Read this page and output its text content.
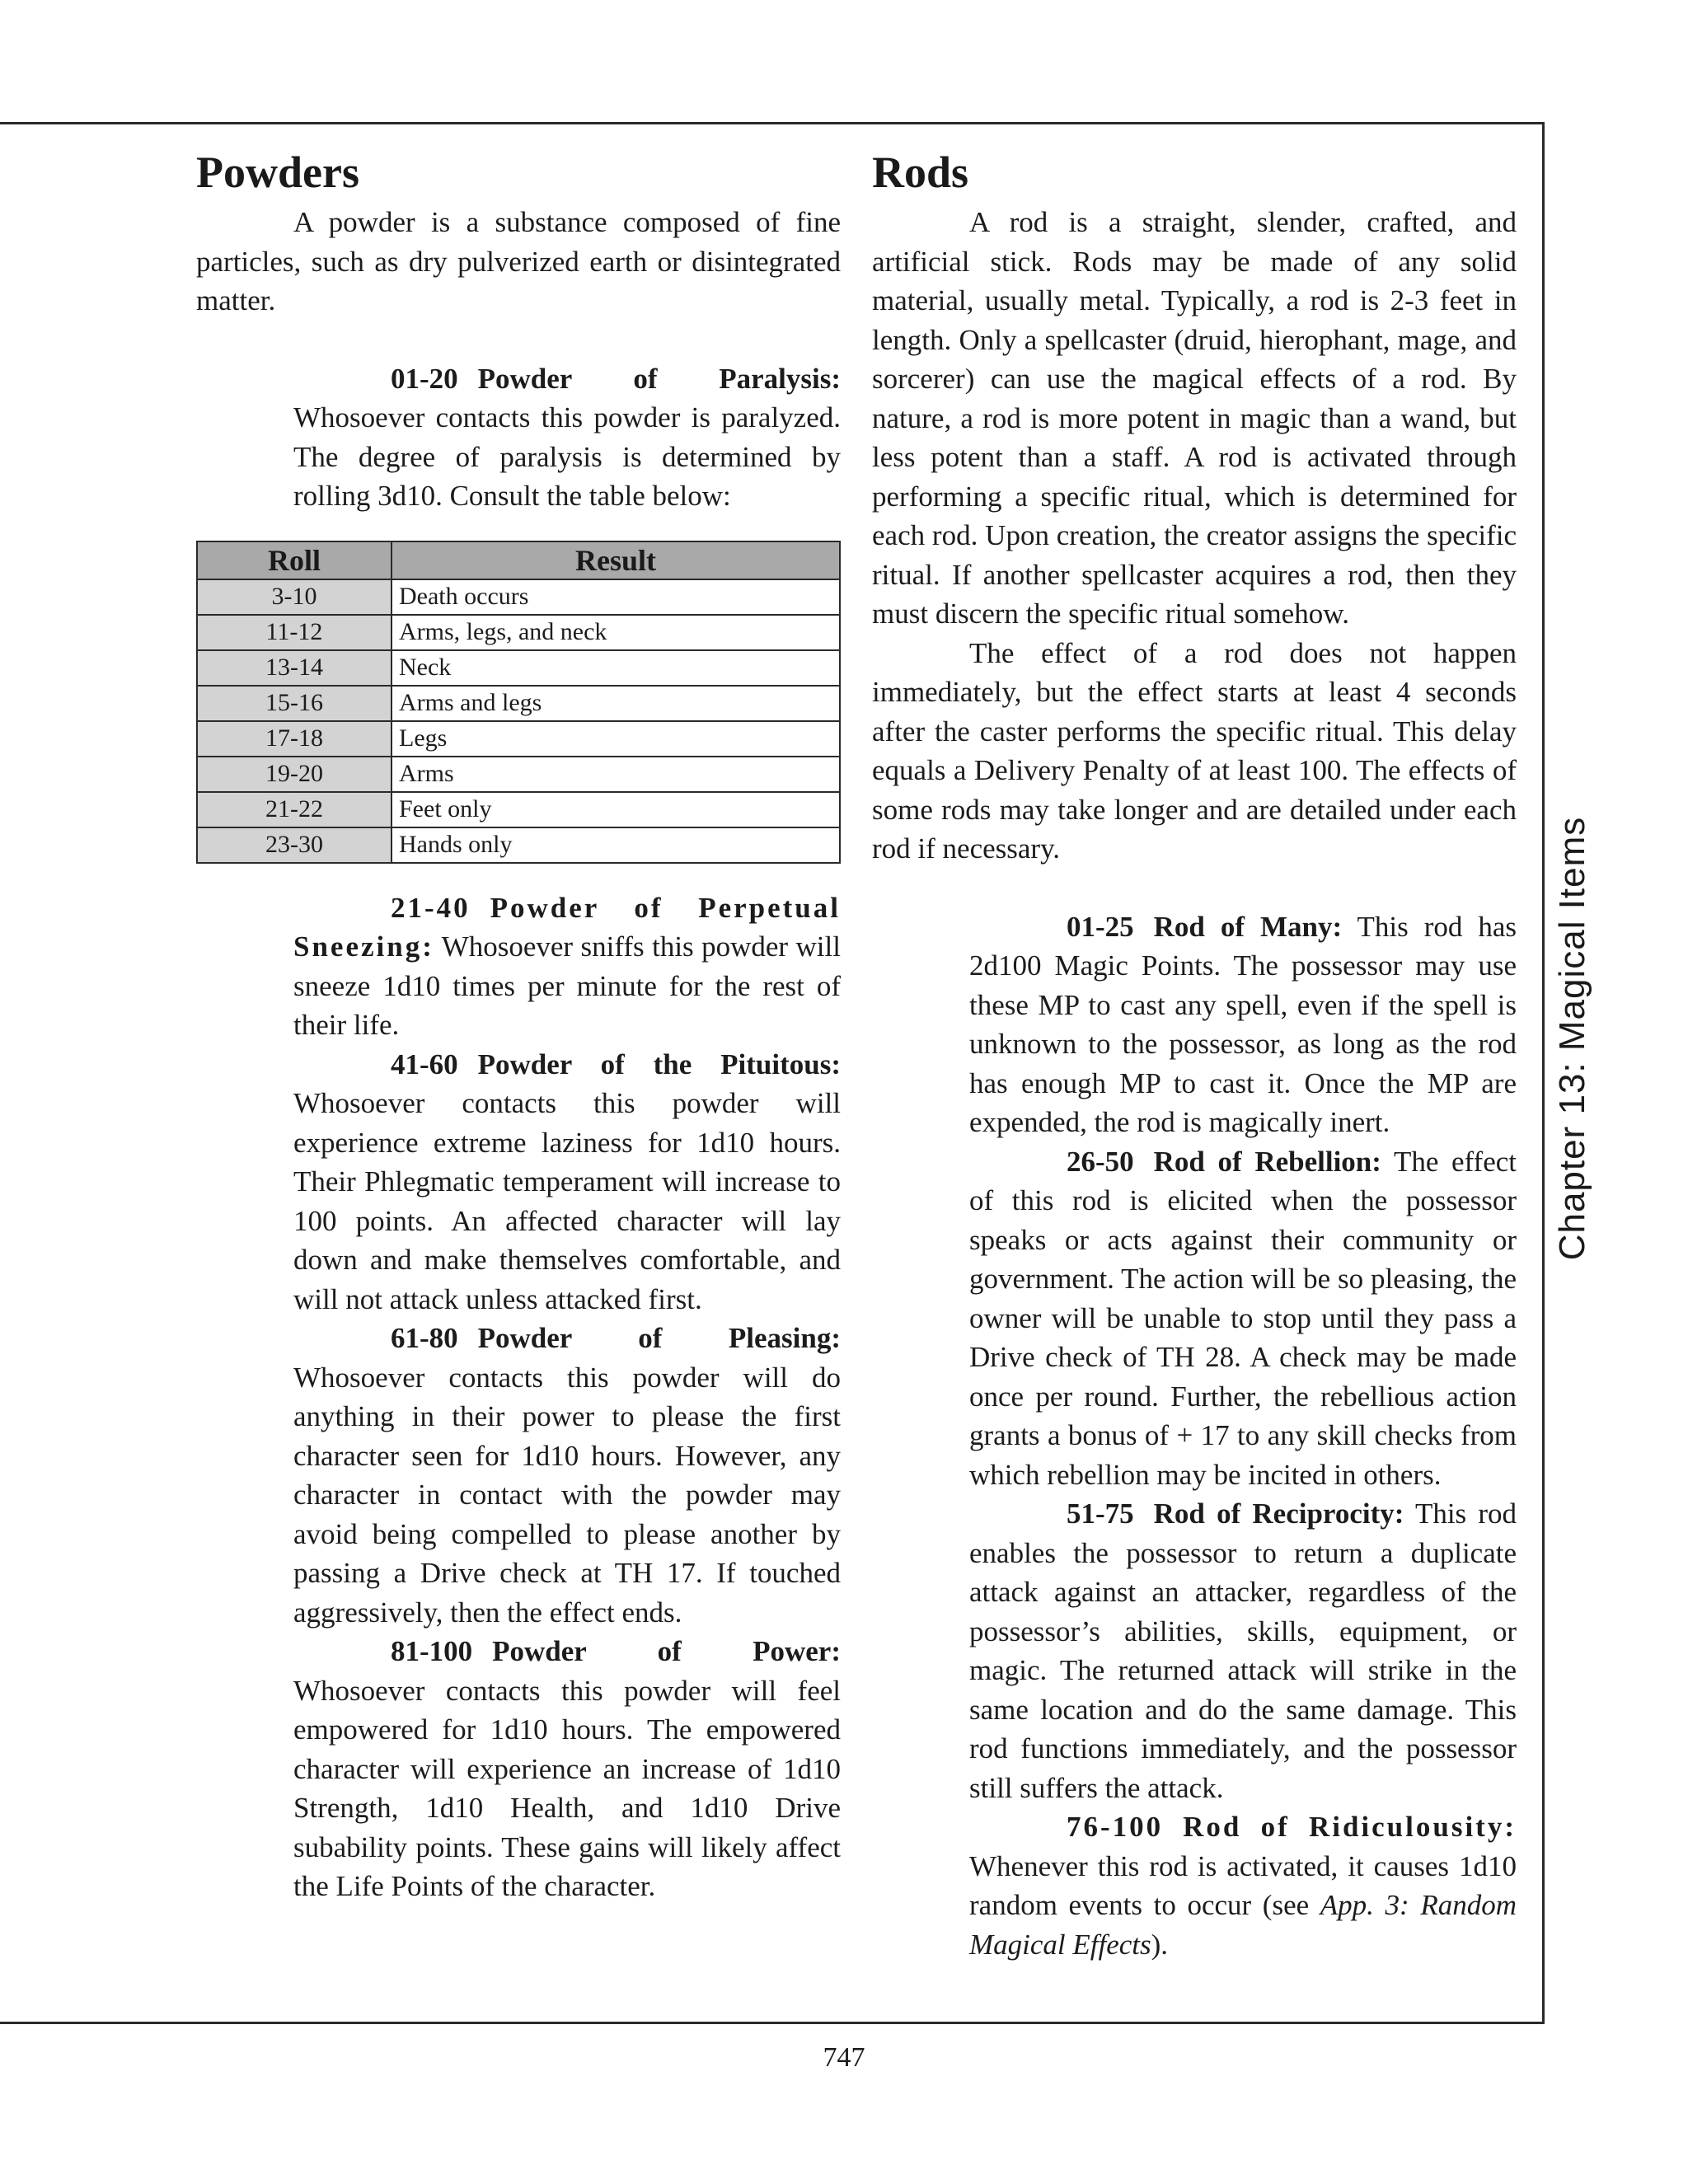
Powders

A powder is a substance composed of fine particles, such as dry pulverized earth or disintegrated matter.

01-20 Powder of Paralysis: Whosoever contacts this powder is paralyzed. The degree of paralysis is determined by rolling 3d10. Consult the table below:

Roll	Result
3-10	Death occurs
11-12	Arms, legs, and neck
13-14	Neck
15-16	Arms and legs
17-18	Legs
19-20	Arms
21-22	Feet only
23-30	Hands only

21-40 Powder of Perpetual Sneezing: Whosoever sniffs this powder will sneeze 1d10 times per minute for the rest of their life.

41-60 Powder of the Pituitous: Whosoever contacts this powder will experience extreme laziness for 1d10 hours. Their Phlegmatic temperament will increase to 100 points. An affected character will lay down and make themselves comfortable, and will not attack unless attacked first.

61-80 Powder of Pleasing: Whosoever contacts this powder will do anything in their power to please the first character seen for 1d10 hours. However, any character in contact with the powder may avoid being compelled to please another by passing a Drive check at TH 17. If touched aggressively, then the effect ends.

81-100 Powder of Power: Whosoever contacts this powder will feel empowered for 1d10 hours. The empowered character will experience an increase of 1d10 Strength, 1d10 Health, and 1d10 Drive subability points. These gains will likely affect the Life Points of the character.

Rods

A rod is a straight, slender, crafted, and artificial stick. Rods may be made of any solid material, usually metal. Typically, a rod is 2-3 feet in length. Only a spellcaster (druid, hierophant, mage, and sorcerer) can use the magical effects of a rod. By nature, a rod is more potent in magic than a wand, but less potent than a staff. A rod is activated through performing a specific ritual, which is determined for each rod. Upon creation, the creator assigns the specific ritual. If another spellcaster acquires a rod, then they must discern the specific ritual somehow.

The effect of a rod does not happen immediately, but the effect starts at least 4 seconds after the caster performs the specific ritual. This delay equals a Delivery Penalty of at least 100. The effects of some rods may take longer and are detailed under each rod if necessary.

01-25 Rod of Many: This rod has 2d100 Magic Points. The possessor may use these MP to cast any spell, even if the spell is unknown to the possessor, as long as the rod has enough MP to cast it. Once the MP are expended, the rod is magically inert.

26-50 Rod of Rebellion: The effect of this rod is elicited when the possessor speaks or acts against their community or government. The action will be so pleasing, the owner will be unable to stop until they pass a Drive check of TH 28. A check may be made once per round. Further, the rebellious action grants a bonus of + 17 to any skill checks from which rebellion may be incited in others.

51-75 Rod of Reciprocity: This rod enables the possessor to return a duplicate attack against an attacker, regardless of the possessor’s abilities, skills, equipment, or magic. The returned attack will strike in the same location and do the same damage. This rod functions immediately, and the possessor still suffers the attack.

76-100 Rod of Ridiculousity: Whenever this rod is activated, it causes 1d10 random events to occur (see App. 3: Random Magical Effects).

Chapter 13: Magical Items
747
